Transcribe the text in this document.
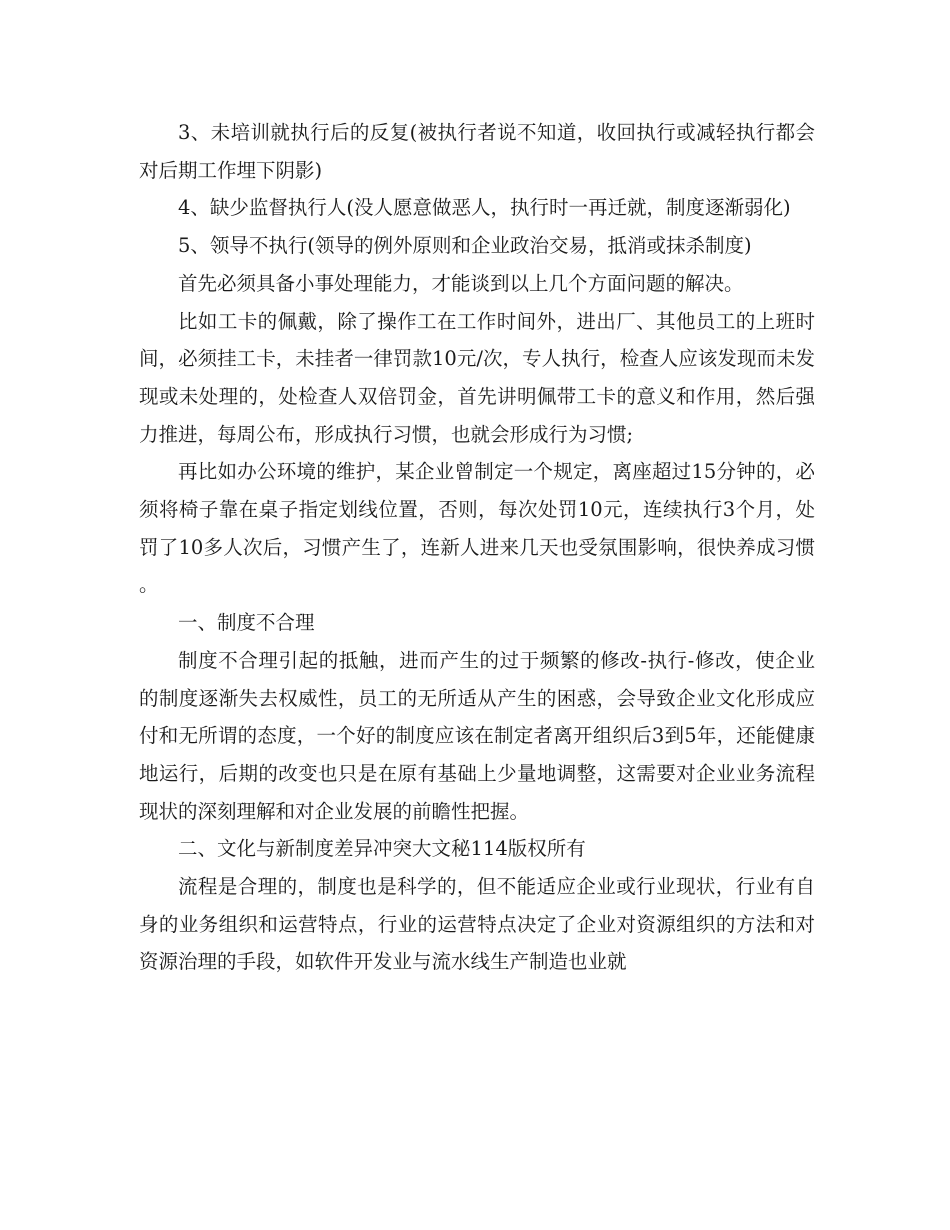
3、未培训就执行后的反复(被执行者说不知道，收回执行或减轻执行都会对后期工作埋下阴影)

4、缺少监督执行人(没人愿意做恶人，执行时一再迁就，制度逐渐弱化)

5、领导不执行(领导的例外原则和企业政治交易，抵消或抹杀制度)

首先必须具备小事处理能力，才能谈到以上几个方面问题的解决。

比如工卡的佩戴，除了操作工在工作时间外，进出厂、其他员工的上班时间，必须挂工卡，未挂者一律罚款10元/次，专人执行，检查人应该发现而未发现或未处理的，处检查人双倍罚金，首先讲明佩带工卡的意义和作用，然后强力推进，每周公布，形成执行习惯，也就会形成行为习惯;

再比如办公环境的维护，某企业曾制定一个规定，离座超过15分钟的，必须将椅子靠在桌子指定划线位置，否则，每次处罚10元，连续执行3个月，处罚了10多人次后，习惯产生了，连新人进来几天也受氛围影响，很快养成习惯。

一、制度不合理

制度不合理引起的抵触，进而产生的过于频繁的修改-执行-修改，使企业的制度逐渐失去权威性，员工的无所适从产生的困惑，会导致企业文化形成应付和无所谓的态度，一个好的制度应该在制定者离开组织后3到5年，还能健康地运行，后期的改变也只是在原有基础上少量地调整，这需要对企业业务流程现状的深刻理解和对企业发展的前瞻性把握。

二、文化与新制度差异冲突大文秘114版权所有

流程是合理的，制度也是科学的，但不能适应企业或行业现状，行业有自身的业务组织和运营特点，行业的运营特点决定了企业对资源组织的方法和对资源治理的手段，如软件开发业与流水线生产制造也业就
